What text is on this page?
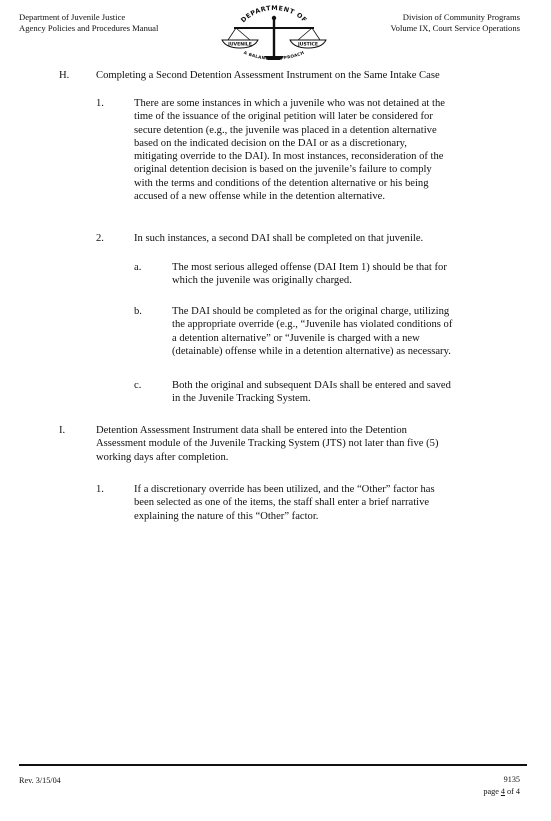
Department of Juvenile Justice
Agency Policies and Procedures Manual
DEPARTMENT OF
JUVENILE	JUSTICE
A BALANCED APPROACH
Division of Community Programs
Volume IX, Court Service Operations
H.	Completing a Second Detention Assessment Instrument on the Same Intake Case
1.	There are some instances in which a juvenile who was not detained at the
time of the issuance of the original petition will later be considered for
secure detention (e.g., the juvenile was placed in a detention alternative
based on the indicated decision on the DAI or as a discretionary,
mitigating override to the DAI). In most instances, reconsideration of the
original detention decision is based on the juvenile’s failure to comply
with the terms and conditions of the detention alternative or his being
accused of a new offense while in the detention alternative.
2.	In such instances, a second DAI shall be completed on that juvenile.
a.	The most serious alleged offense (DAI Item 1) should be that for
which the juvenile was originally charged.
b.	The DAI should be completed as for the original charge, utilizing
the appropriate override (e.g., “Juvenile has violated conditions of
a detention alternative” or “Juvenile is charged with a new
(detainable) offense while in a detention alternative) as necessary.
c.	Both the original and subsequent DAIs shall be entered and saved
in the Juvenile Tracking System.
I.	Detention Assessment Instrument data shall be entered into the Detention
Assessment module of the Juvenile Tracking System (JTS) not later than five (5)
working days after completion.
1.	If a discretionary override has been utilized, and the “Other” factor has
been selected as one of the items, the staff shall enter a brief narrative
explaining the nature of this “Other” factor.
Rev. 3/15/04	9135
page 4 of 4
